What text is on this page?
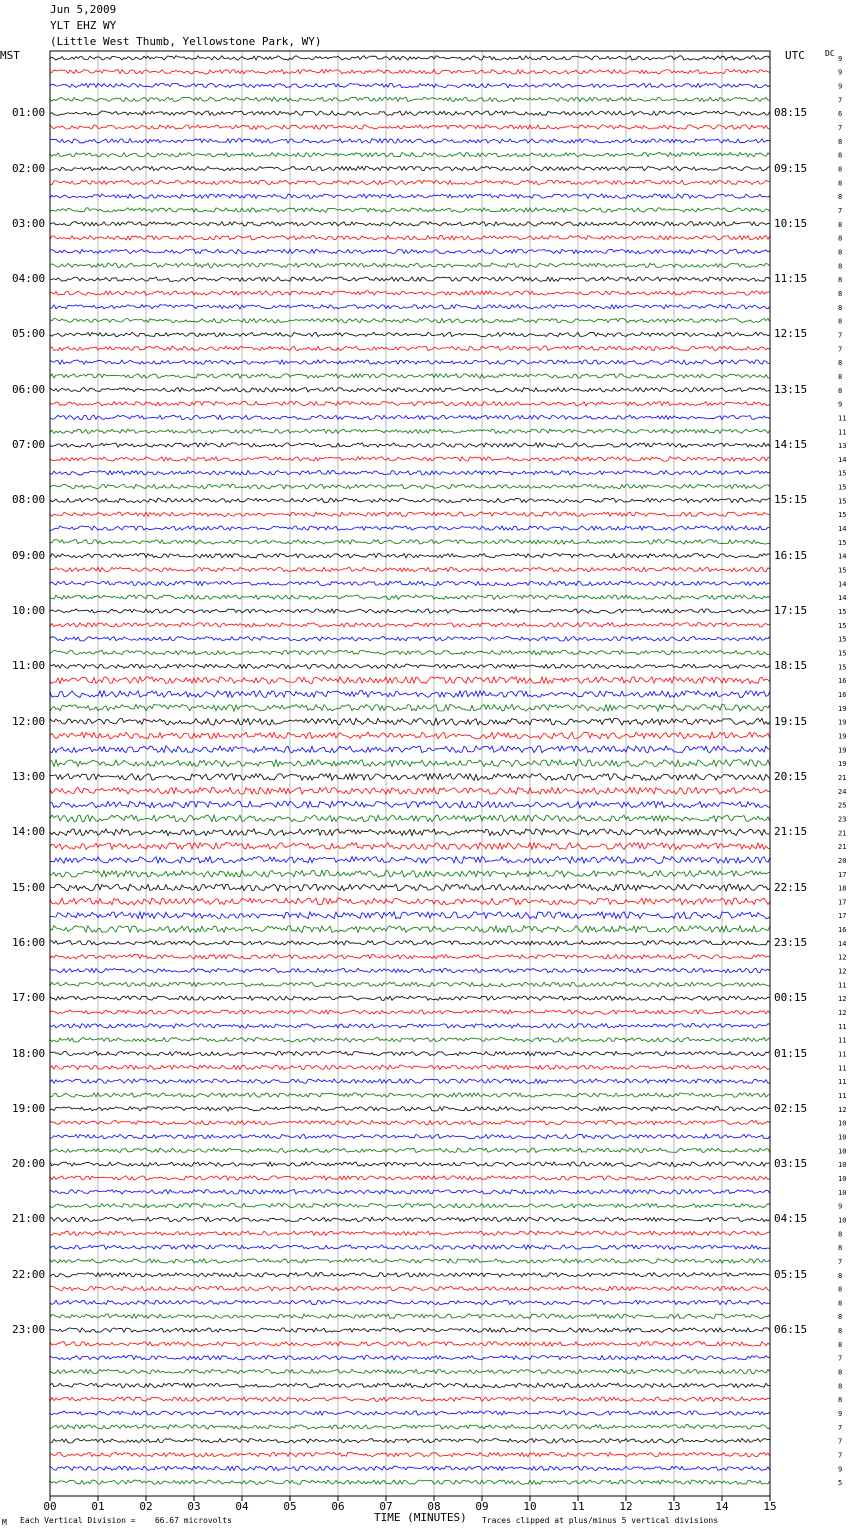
00	01	02	03	04	05	06	07	08	09	10	11	12	13	14	15
9
9
9
7
6
7
8
8
8
8
8
7
8
8
8
8
8
8
8
8
7
7
8
8
8
9
11
11
13
14
15
15
15
15
14
15
14
15
14
14
15
15
15
15
15
16
16
19
19
19
19
19
21
24
25
23
21
21
20
17
18
17
17
16
14
12
12
11
12
12
11
11
11
11
11
11
12
10
10
10
10
10
10
9
10
8
8
7
8
8
8
8
8
8
7
8
8
8
9
7
7
7
9
5
Jun 5,2009
YLT EHZ WY
(Little West Thumb, Yellowstone Park, WY)
MST	UTC	DC
01:00
02:00
03:00
04:00
05:00
06:00
07:00
08:00
09:00
10:00
11:00
12:00
13:00
14:00
15:00
16:00
17:00
18:00
19:00
20:00
21:00
22:00
23:00
08:15
09:15
10:15
11:15
12:15
13:15
14:15
15:15
16:15
17:15
18:15
19:15
20:15
21:15
22:15
23:15
00:15
01:15
02:15
03:15
04:15
05:15
06:15
TIME (MINUTES)
Each Vertical Division =    66.67 microvolts	Traces clipped at plus/minus 5 vertical divisions
M
